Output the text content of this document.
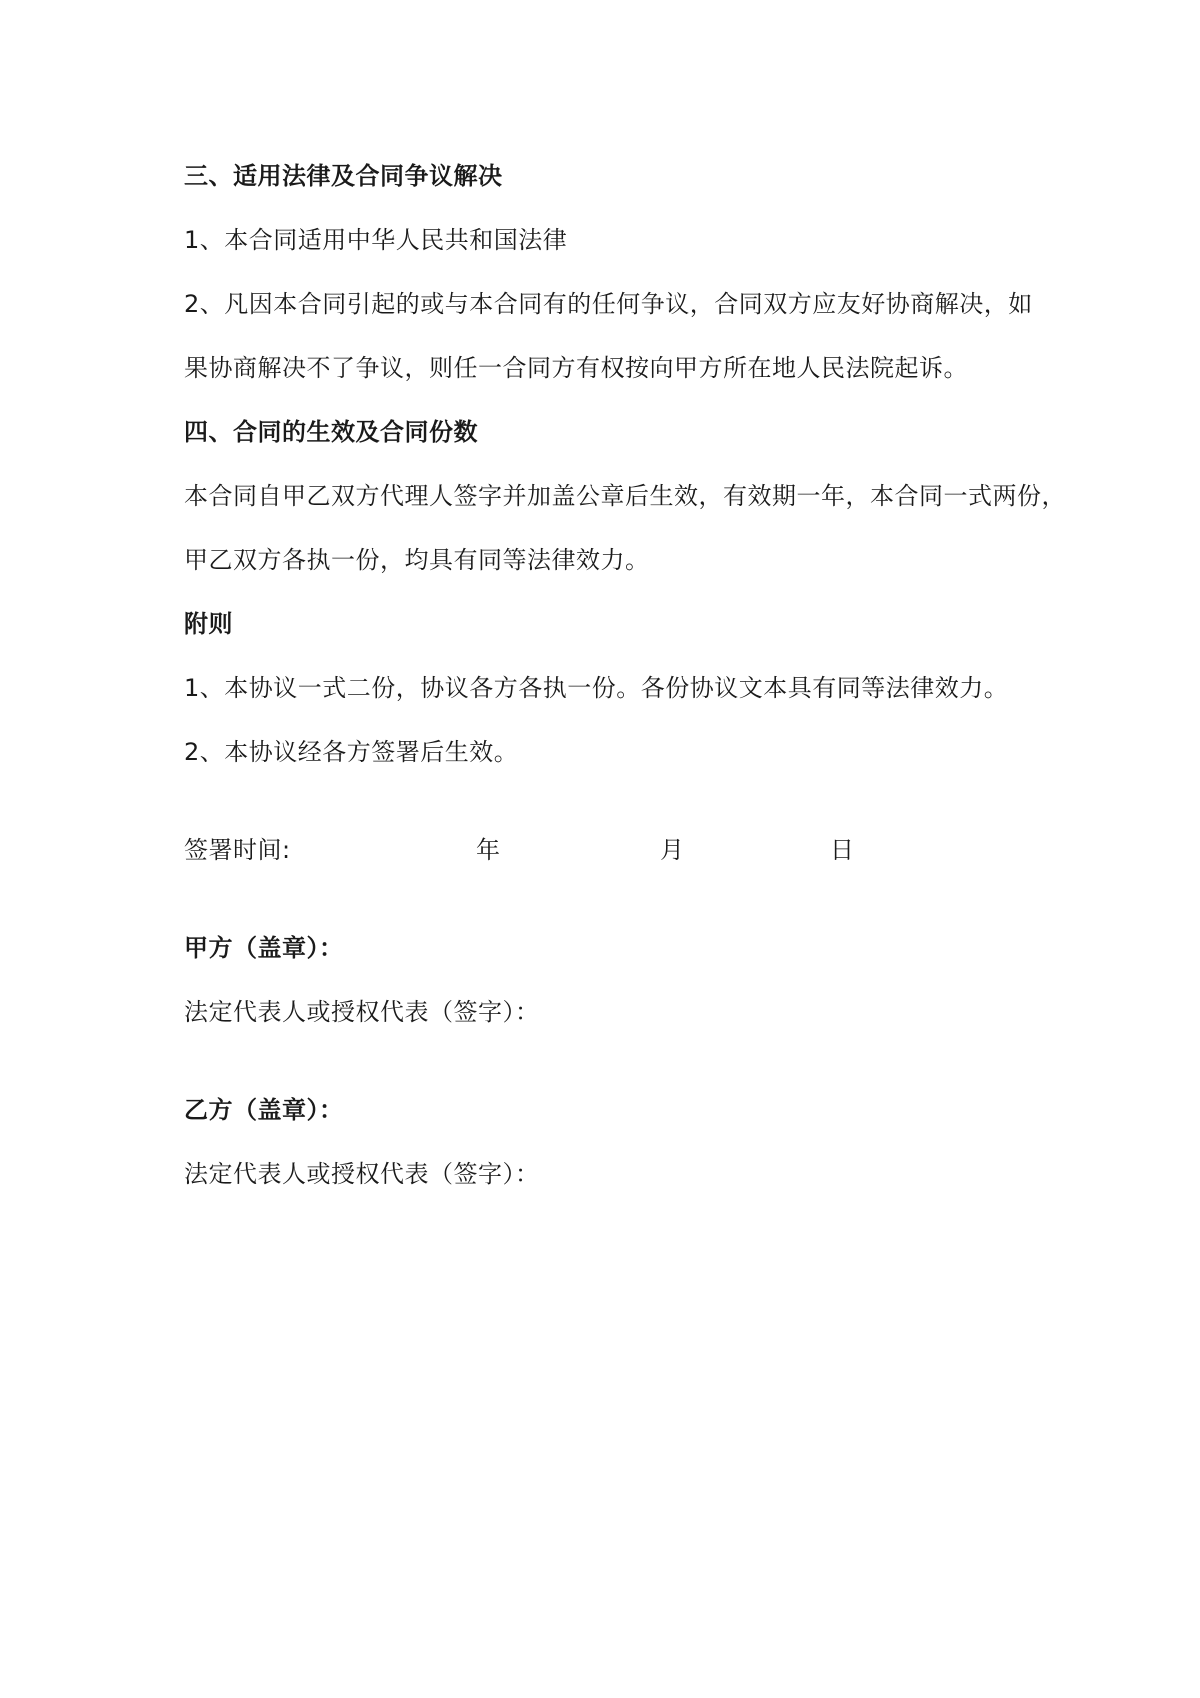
三、适用法律及合同争议解决

1、本合同适用中华人民共和国法律

2、凡因本合同引起的或与本合同有的任何争议，合同双方应友好协商解决，如

果协商解决不了争议，则任一合同方有权按向甲方所在地人民法院起诉。

四、合同的生效及合同份数

本合同自甲乙双方代理人签字并加盖公章后生效，有效期一年，本合同一式两份，

甲乙双方各执一份，均具有同等法律效力。

附则

1、本协议一式二份，协议各方各执一份。各份协议文本具有同等法律效力。

2、本协议经各方签署后生效。

签署时间:	年	月	日

甲方（盖章）：

法定代表人或授权代表（签字）：

乙方（盖章）：

法定代表人或授权代表（签字）：
